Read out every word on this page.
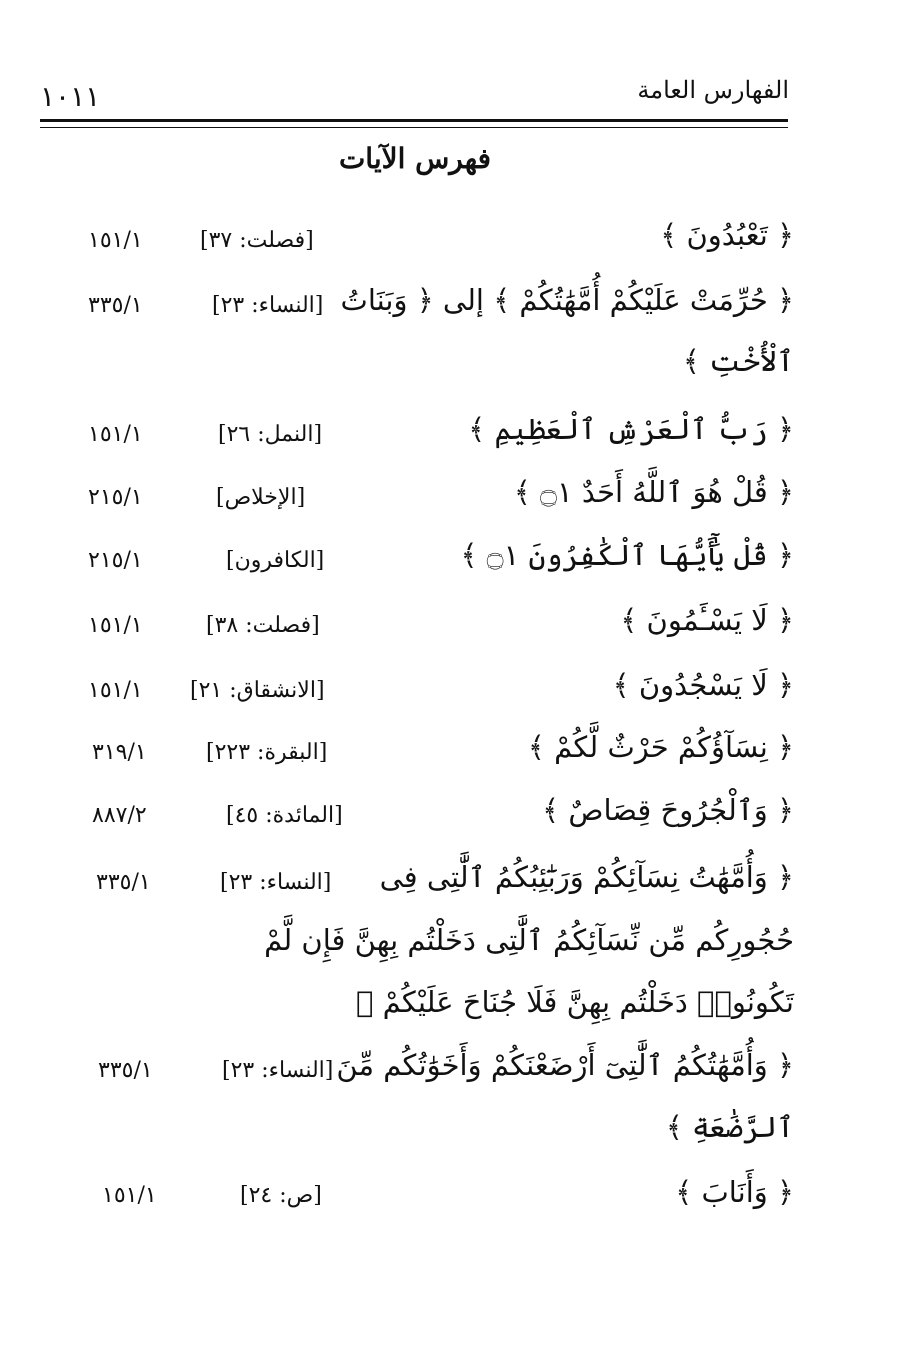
الفهارس العامة
١٠١١
فهرس الآيات
﴿ تَعْبُدُونَ ﴾
[فصلت: ٣٧]
١٥١/١
﴿ حُرِّمَتْ عَلَيْكُمْ أُمَّهَٰتُكُمْ ﴾ إلى ﴿ وَبَنَاتُ
[النساء: ٢٣]
٣٣٥/١
ٱلْأُخْتِ ﴾
﴿ رَبُّ ٱلْعَرْشِ ٱلْعَظِيمِ ﴾
[النمل: ٢٦]
١٥١/١
﴿ قُلْ هُوَ ٱللَّهُ أَحَدٌ ۝١ ﴾
[الإخلاص]
٢١٥/١
﴿ قُلْ يَٰٓأَيُّهَا ٱلْكَٰفِرُونَ ۝١ ﴾
[الكافرون]
٢١٥/١
﴿ لَا يَسْـَٔمُونَ ﴾
[فصلت: ٣٨]
١٥١/١
﴿ لَا يَسْجُدُونَ ﴾
[الانشقاق: ٢١]
١٥١/١
﴿ نِسَآؤُكُمْ حَرْثٌ لَّكُمْ ﴾
[البقرة: ٢٢٣]
٣١٩/١
﴿ وَٱلْجُرُوحَ قِصَاصٌ ﴾
[المائدة: ٤٥]
٨٨٧/٢
﴿ وَأُمَّهَٰتُ نِسَآئِكُمْ وَرَبَٰٓئِبُكُمُ ٱلَّٰتِى فِى
[النساء: ٢٣]
٣٣٥/١
حُجُورِكُم مِّن نِّسَآئِكُمُ ٱلَّٰتِى دَخَلْتُم بِهِنَّ فَإِن لَّمْ
تَكُونُوا۟ دَخَلْتُم بِهِنَّ فَلَا جُنَاحَ عَلَيْكُمْ ﴾
﴿ وَأُمَّهَٰتُكُمُ ٱلَّٰتِىٓ أَرْضَعْنَكُمْ وَأَخَوَٰتُكُم مِّنَ
[النساء: ٢٣]
٣٣٥/١
ٱلرَّضَٰعَةِ ﴾
﴿ وَأَنَابَ ﴾
[ص: ٢٤]
١٥١/١
